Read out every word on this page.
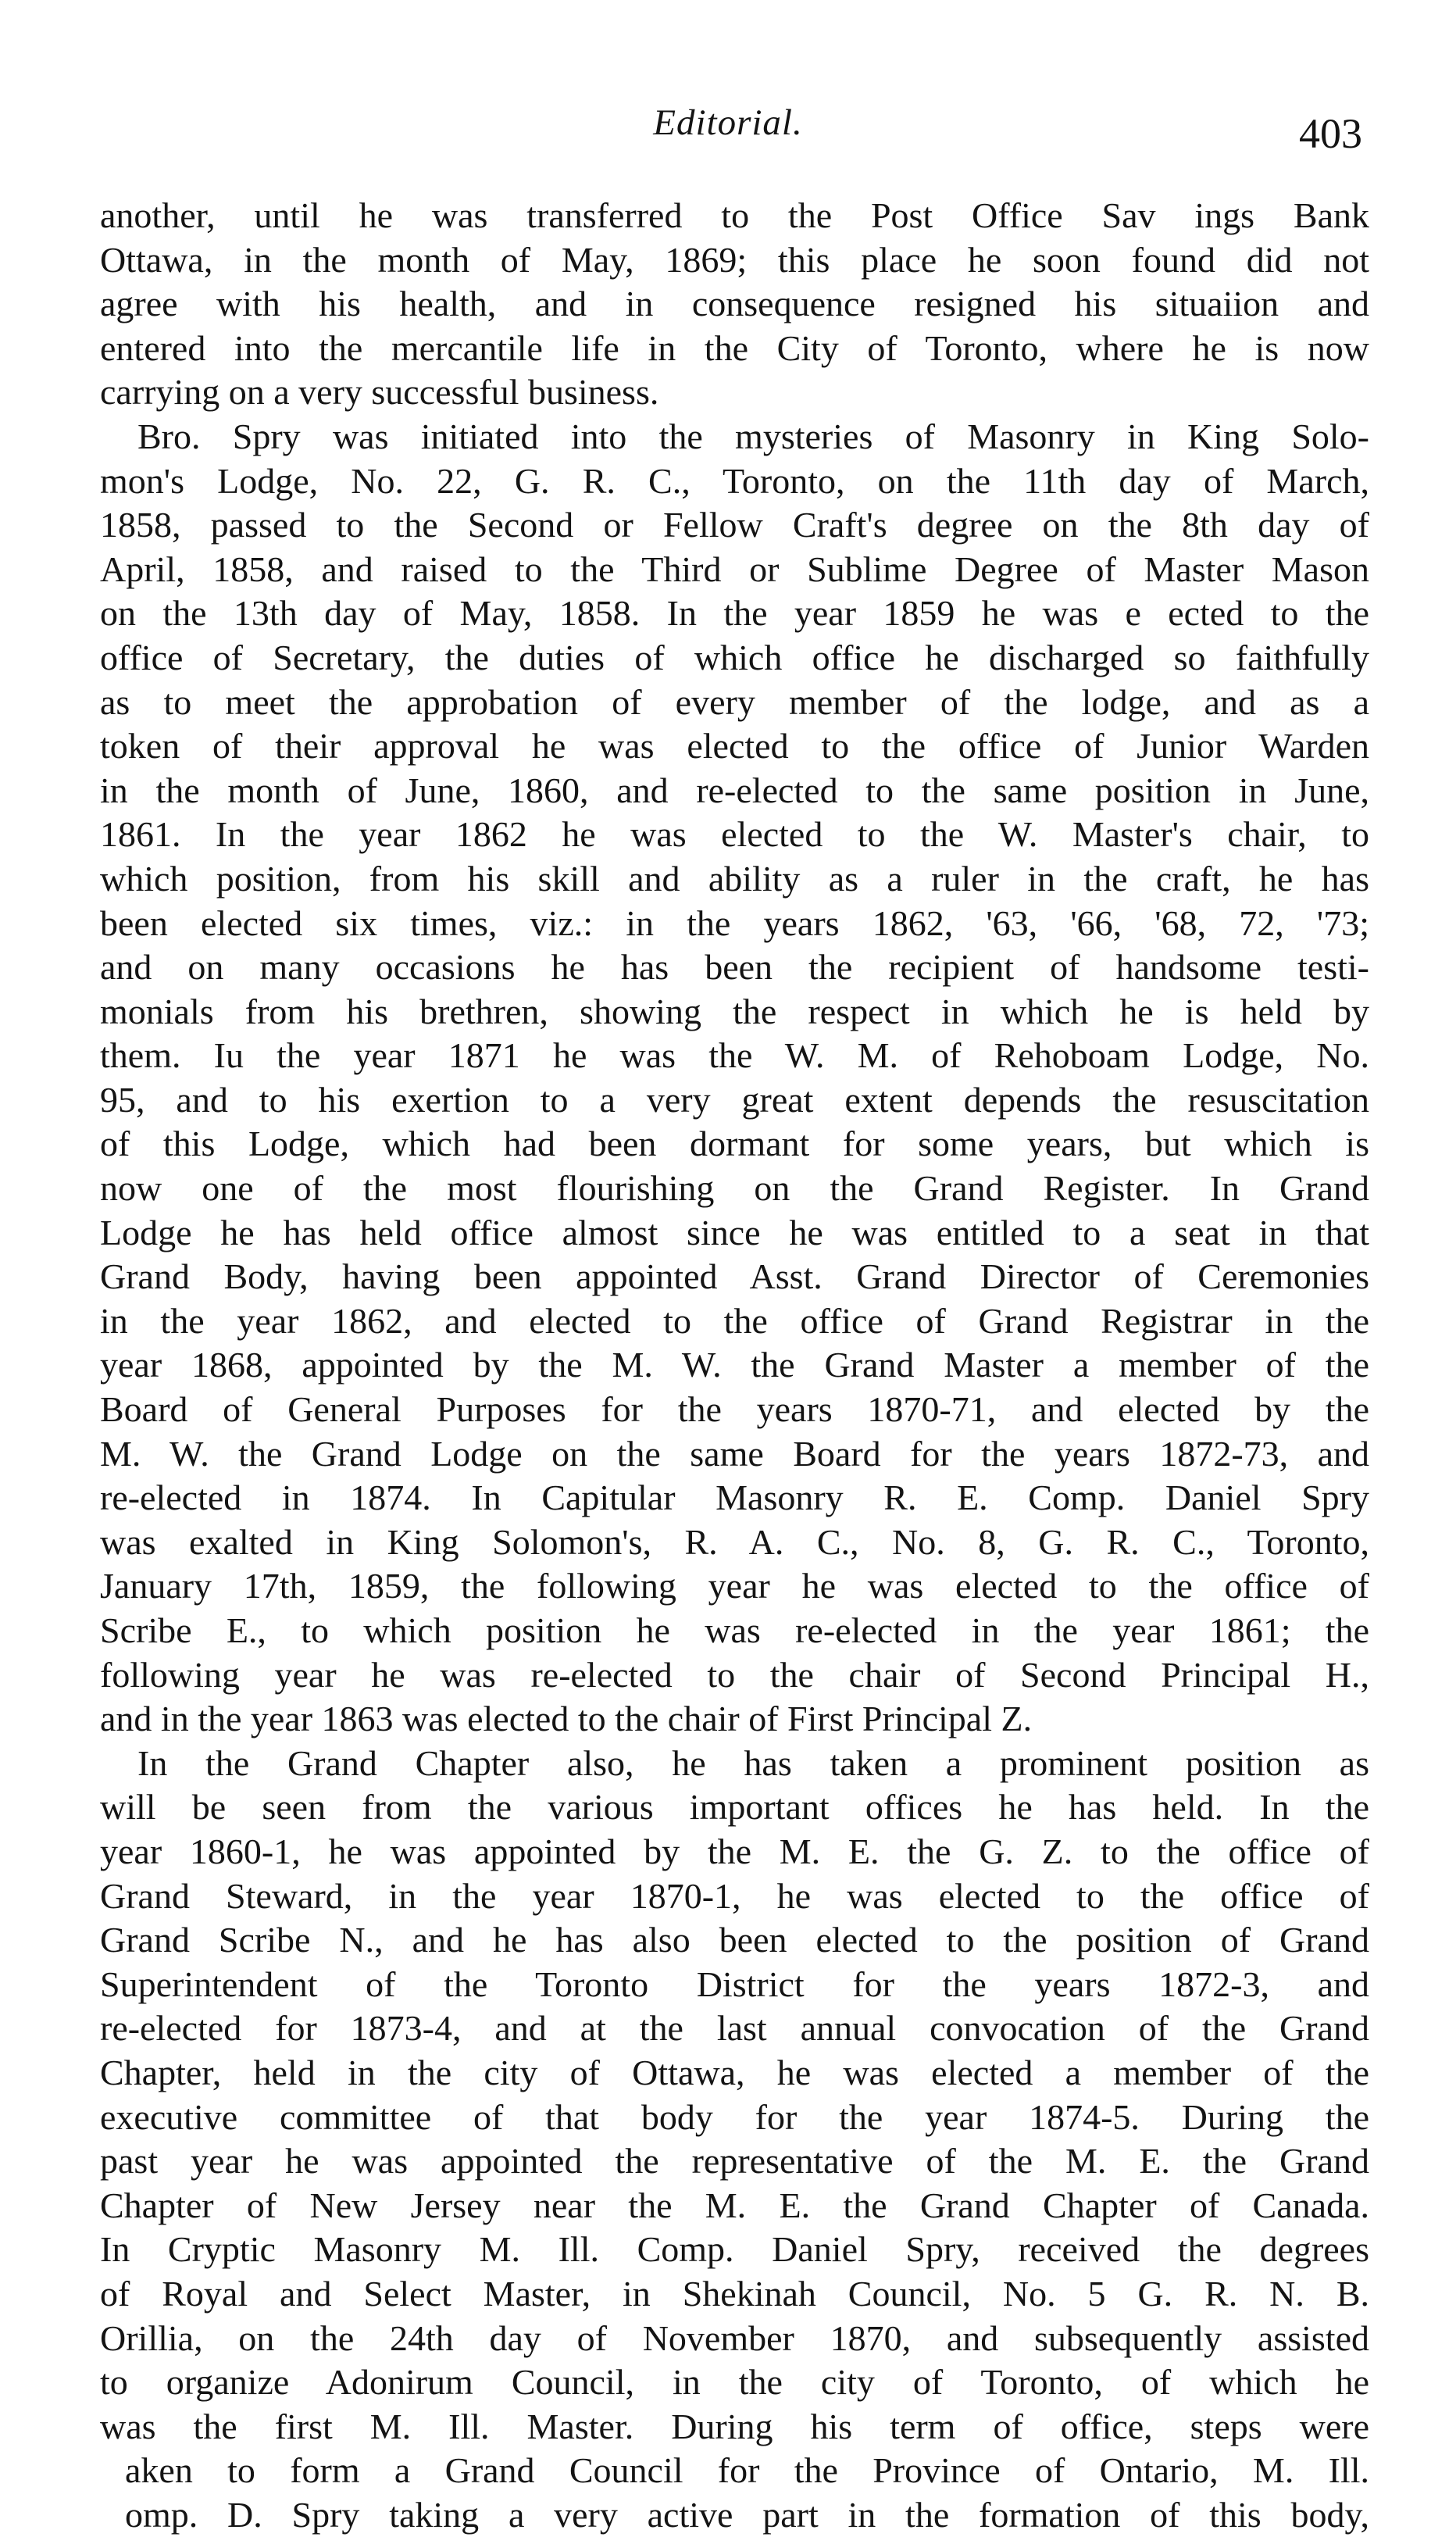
Editorial.	403
another, until he was transferred to the Post Office Sav ings Bank
Ottawa, in the month of May, 1869; this place he soon found did not
agree with his health, and in consequence resigned his situaiion and
entered into the mercantile life in the City of Toronto, where he is now
carrying on a very successful business.
Bro. Spry was initiated into the mysteries of Masonry in King Solo-
mon's Lodge, No. 22, G. R. C., Toronto, on the 11th day of March,
1858, passed to the Second or Fellow Craft's degree on the 8th day of
April, 1858, and raised to the Third or Sublime Degree of Master Mason
on the 13th day of May, 1858. In the year 1859 he was e ected to the
office of Secretary, the duties of which office he discharged so faithfully
as to meet the approbation of every member of the lodge, and as a
token of their approval he was elected to the office of Junior Warden
in the month of June, 1860, and re-elected to the same position in June,
1861. In the year 1862 he was elected to the W. Master's chair, to
which position, from his skill and ability as a ruler in the craft, he has
been elected six times, viz.: in the years 1862, '63, '66, '68, 72, '73;
and on many occasions he has been the recipient of handsome testi-
monials from his brethren, showing the respect in which he is held by
them. Iu the year 1871 he was the W. M. of Rehoboam Lodge, No.
95, and to his exertion to a very great extent depends the resuscitation
of this Lodge, which had been dormant for some years, but which is
now one of the most flourishing on the Grand Register. In Grand
Lodge he has held office almost since he was entitled to a seat in that
Grand Body, having been appointed Asst. Grand Director of Ceremonies
in the year 1862, and elected to the office of Grand Registrar in the
year 1868, appointed by the M. W. the Grand Master a member of the
Board of General Purposes for the years 1870-71, and elected by the
M. W. the Grand Lodge on the same Board for the years 1872-73, and
re-elected in 1874. In Capitular Masonry R. E. Comp. Daniel Spry
was exalted in King Solomon's, R. A. C., No. 8, G. R. C., Toronto,
January 17th, 1859, the following year he was elected to the office of
Scribe E., to which position he was re-elected in the year 1861; the
following year he was re-elected to the chair of Second Principal H.,
and in the year 1863 was elected to the chair of First Principal Z.
In the Grand Chapter also, he has taken a prominent position as
will be seen from the various important offices he has held. In the
year 1860-1, he was appointed by the M. E. the G. Z. to the office of
Grand Steward, in the year 1870-1, he was elected to the office of
Grand Scribe N., and he has also been elected to the position of Grand
Superintendent of the Toronto District for the years 1872-3, and
re-elected for 1873-4, and at the last annual convocation of the Grand
Chapter, held in the city of Ottawa, he was elected a member of the
executive committee of that body for the year 1874-5. During the
past year he was appointed the representative of the M. E. the Grand
Chapter of New Jersey near the M. E. the Grand Chapter of Canada.
In Cryptic Masonry M. Ill. Comp. Daniel Spry, received the degrees
of Royal and Select Master, in Shekinah Council, No. 5 G. R. N. B.
Orillia, on the 24th day of November 1870, and subsequently assisted
to organize Adonirum Council, in the city of Toronto, of which he
was the first M. Ill. Master. During his term of office, steps were
aken to form a Grand Council for the Province of Ontario, M. Ill.
omp. D. Spry taking a very active part in the formation of this body,
